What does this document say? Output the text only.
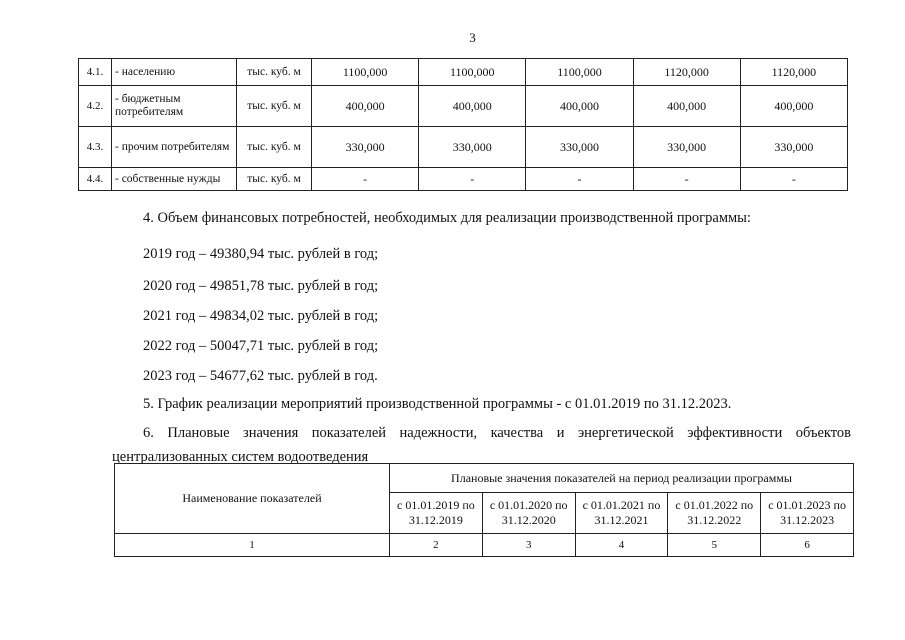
3
4.1.	- населению	тыс. куб. м	1100,000	1100,000	1100,000	1120,000	1120,000
4.2.	- бюджетным потребителям	тыс. куб. м	400,000	400,000	400,000	400,000	400,000
4.3.	- прочим потребителям	тыс. куб. м	330,000	330,000	330,000	330,000	330,000
4.4.	- собственные нужды	тыс. куб. м	-	-	-	-	-
4. Объем финансовых потребностей, необходимых для реализации производственной программы:
2019 год – 49380,94 тыс. рублей в год;
2020 год – 49851,78 тыс. рублей в год;
2021 год – 49834,02 тыс. рублей в год;
2022 год – 50047,71 тыс. рублей в год;
2023 год – 54677,62 тыс. рублей в год.
5. График реализации мероприятий производственной программы - с 01.01.2019 по 31.12.2023.
6. Плановые значения показателей надежности, качества и энергетической эффективности объектов
централизованных систем водоотведения
Наименование показателей	Плановые значения показателей на период реализации программы				
	с 01.01.2019 по 31.12.2019	с 01.01.2020 по 31.12.2020	с 01.01.2021 по 31.12.2021	с 01.01.2022 по 31.12.2022	с 01.01.2023 по 31.12.2023
1	2	3	4	5	6
